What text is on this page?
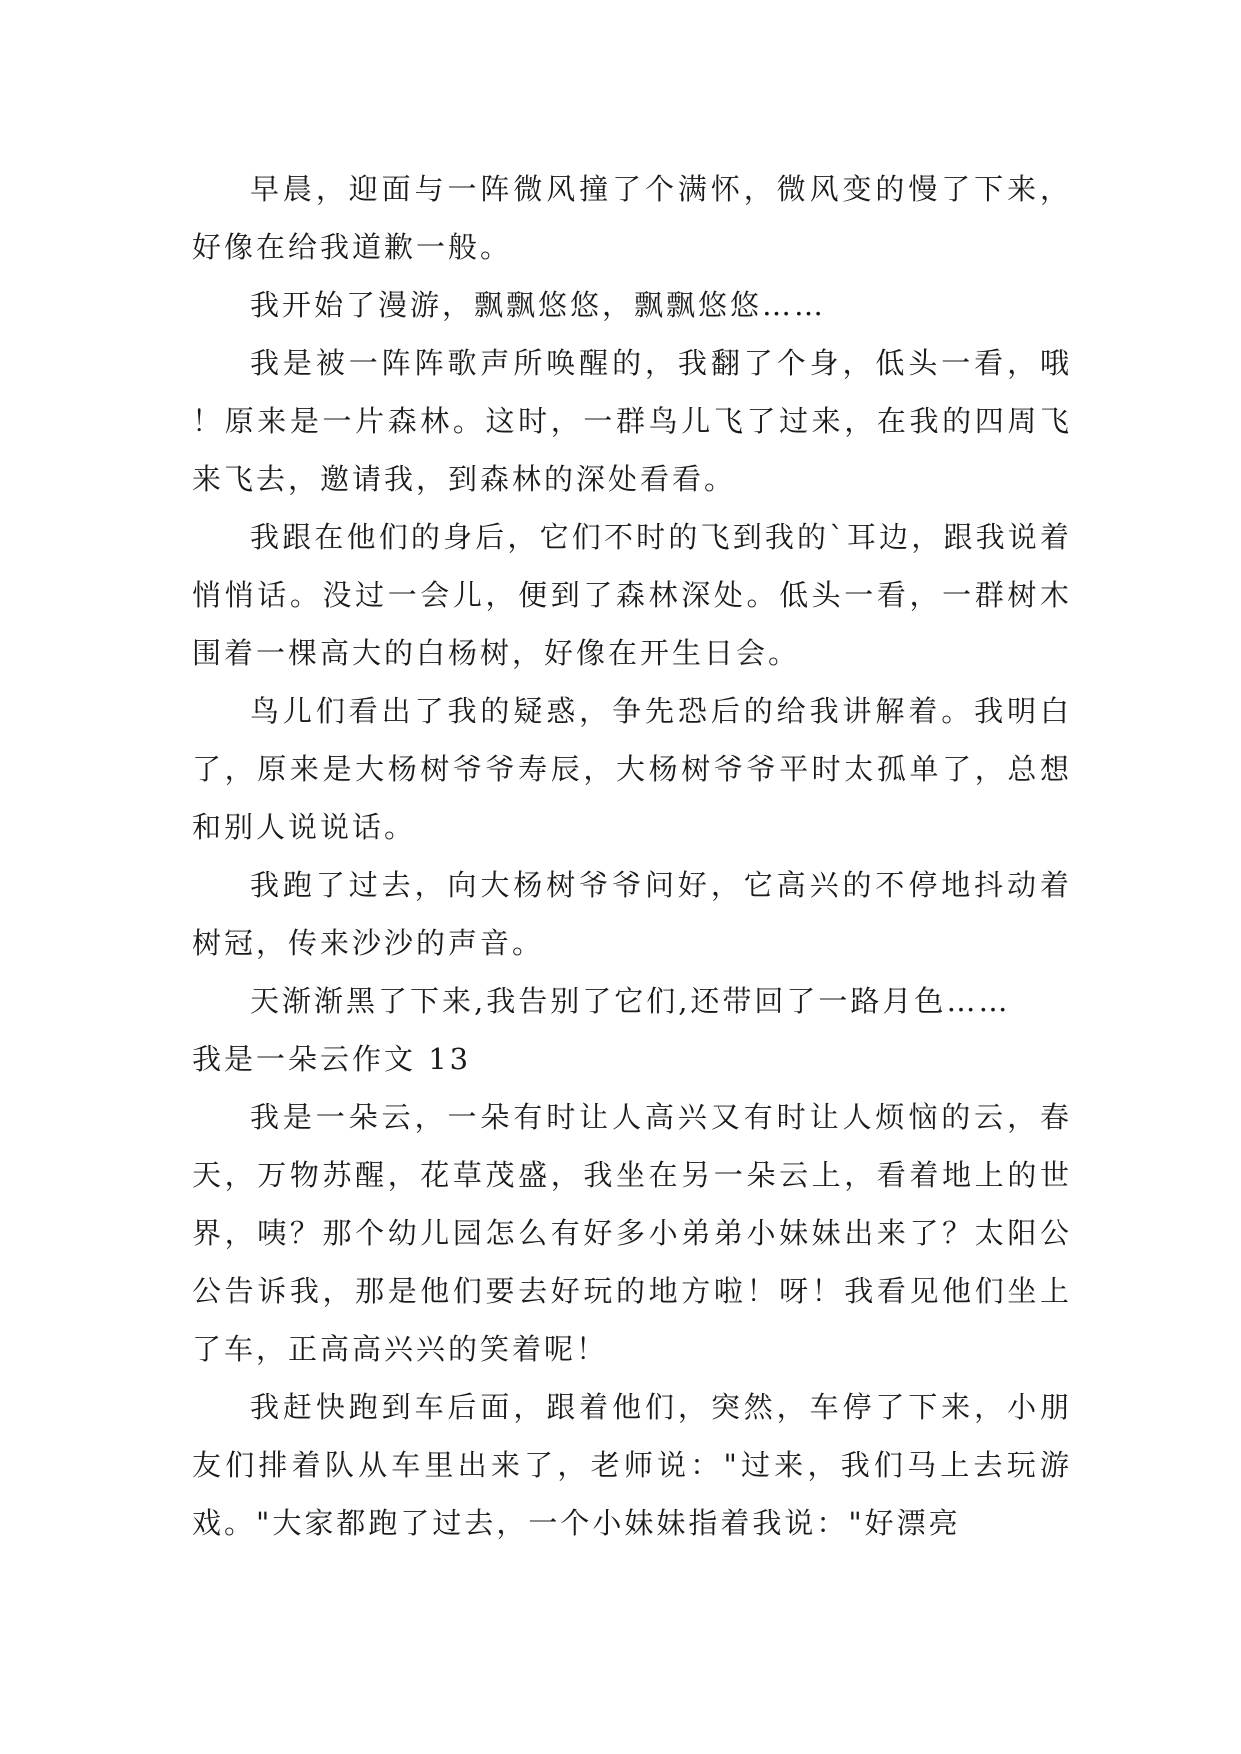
早晨，迎面与一阵微风撞了个满怀，微风变的慢了下来，好像在给我道歉一般。

我开始了漫游，飘飘悠悠，飘飘悠悠……

我是被一阵阵歌声所唤醒的，我翻了个身，低头一看，哦！原来是一片森林。这时，一群鸟儿飞了过来，在我的四周飞来飞去，邀请我，到森林的深处看看。

我跟在他们的身后，它们不时的飞到我的`耳边，跟我说着悄悄话。没过一会儿，便到了森林深处。低头一看，一群树木围着一棵高大的白杨树，好像在开生日会。

鸟儿们看出了我的疑惑，争先恐后的给我讲解着。我明白了，原来是大杨树爷爷寿辰，大杨树爷爷平时太孤单了，总想和别人说说话。

我跑了过去，向大杨树爷爷问好，它高兴的不停地抖动着树冠，传来沙沙的声音。

天渐渐黑了下来,我告别了它们,还带回了一路月色……

我是一朵云作文 13

我是一朵云，一朵有时让人高兴又有时让人烦恼的云，春天，万物苏醒，花草茂盛，我坐在另一朵云上，看着地上的世界，咦？那个幼儿园怎么有好多小弟弟小妹妹出来了？太阳公公告诉我，那是他们要去好玩的地方啦！呀！我看见他们坐上了车，正高高兴兴的笑着呢！

我赶快跑到车后面，跟着他们，突然，车停了下来，小朋友们排着队从车里出来了，老师说："过来，我们马上去玩游戏。"大家都跑了过去，一个小妹妹指着我说："好漂亮
